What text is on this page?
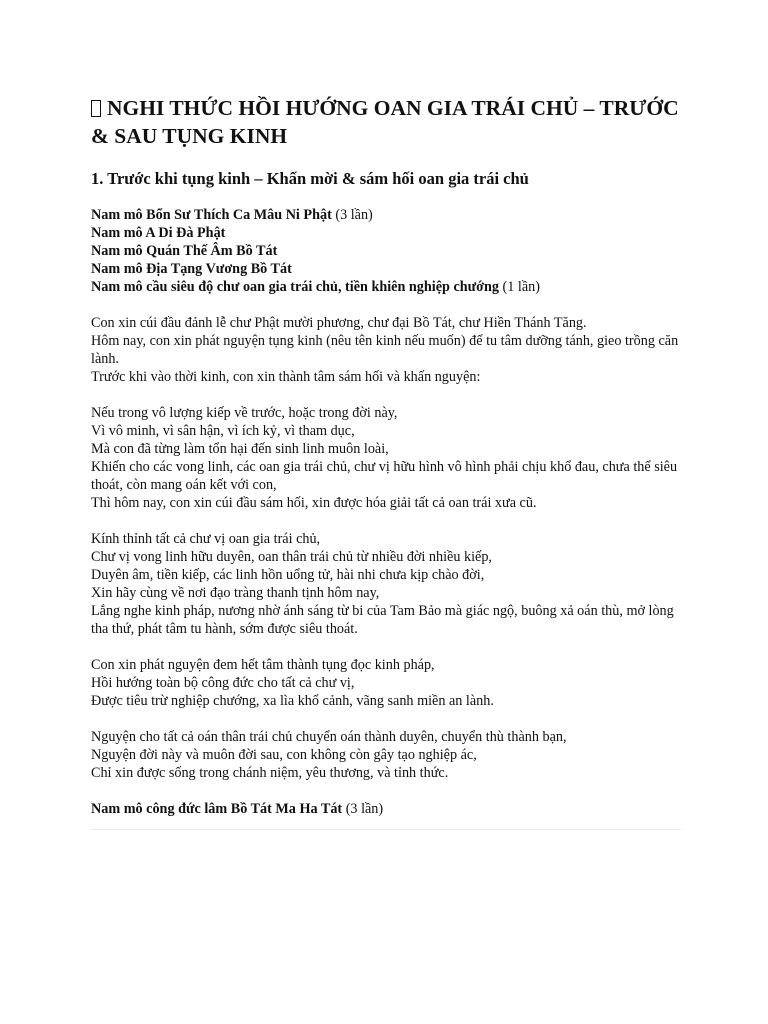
NGHI THỨC HỒI HƯỚNG OAN GIA TRÁI CHỦ – TRƯỚC & SAU TỤNG KINH
1. Trước khi tụng kinh – Khấn mời & sám hối oan gia trái chủ
Nam mô Bổn Sư Thích Ca Mâu Ni Phật (3 lần)
Nam mô A Di Đà Phật
Nam mô Quán Thế Âm Bồ Tát
Nam mô Địa Tạng Vương Bồ Tát
Nam mô cầu siêu độ chư oan gia trái chủ, tiền khiên nghiệp chướng (1 lần)
Con xin cúi đầu đảnh lễ chư Phật mười phương, chư đại Bồ Tát, chư Hiền Thánh Tăng.
Hôm nay, con xin phát nguyện tụng kinh (nêu tên kinh nếu muốn) để tu tâm dưỡng tánh, gieo trồng căn lành.
Trước khi vào thời kinh, con xin thành tâm sám hối và khấn nguyện:
Nếu trong vô lượng kiếp về trước, hoặc trong đời này,
Vì vô minh, vì sân hận, vì ích kỷ, vì tham dục,
Mà con đã từng làm tổn hại đến sinh linh muôn loài,
Khiến cho các vong linh, các oan gia trái chủ, chư vị hữu hình vô hình phải chịu khổ đau, chưa thể siêu thoát, còn mang oán kết với con,
Thì hôm nay, con xin cúi đầu sám hối, xin được hóa giải tất cả oan trái xưa cũ.
Kính thỉnh tất cả chư vị oan gia trái chủ,
Chư vị vong linh hữu duyên, oan thân trái chủ từ nhiều đời nhiều kiếp,
Duyên âm, tiền kiếp, các linh hồn uổng tử, hài nhi chưa kịp chào đời,
Xin hãy cùng về nơi đạo tràng thanh tịnh hôm nay,
Lắng nghe kinh pháp, nương nhờ ánh sáng từ bi của Tam Bảo mà giác ngộ, buông xả oán thù, mở lòng tha thứ, phát tâm tu hành, sớm được siêu thoát.
Con xin phát nguyện đem hết tâm thành tụng đọc kinh pháp,
Hồi hướng toàn bộ công đức cho tất cả chư vị,
Được tiêu trừ nghiệp chướng, xa lìa khổ cảnh, vãng sanh miền an lành.
Nguyện cho tất cả oán thân trái chủ chuyển oán thành duyên, chuyển thù thành bạn,
Nguyện đời này và muôn đời sau, con không còn gây tạo nghiệp ác,
Chỉ xin được sống trong chánh niệm, yêu thương, và tỉnh thức.
Nam mô công đức lâm Bồ Tát Ma Ha Tát (3 lần)
